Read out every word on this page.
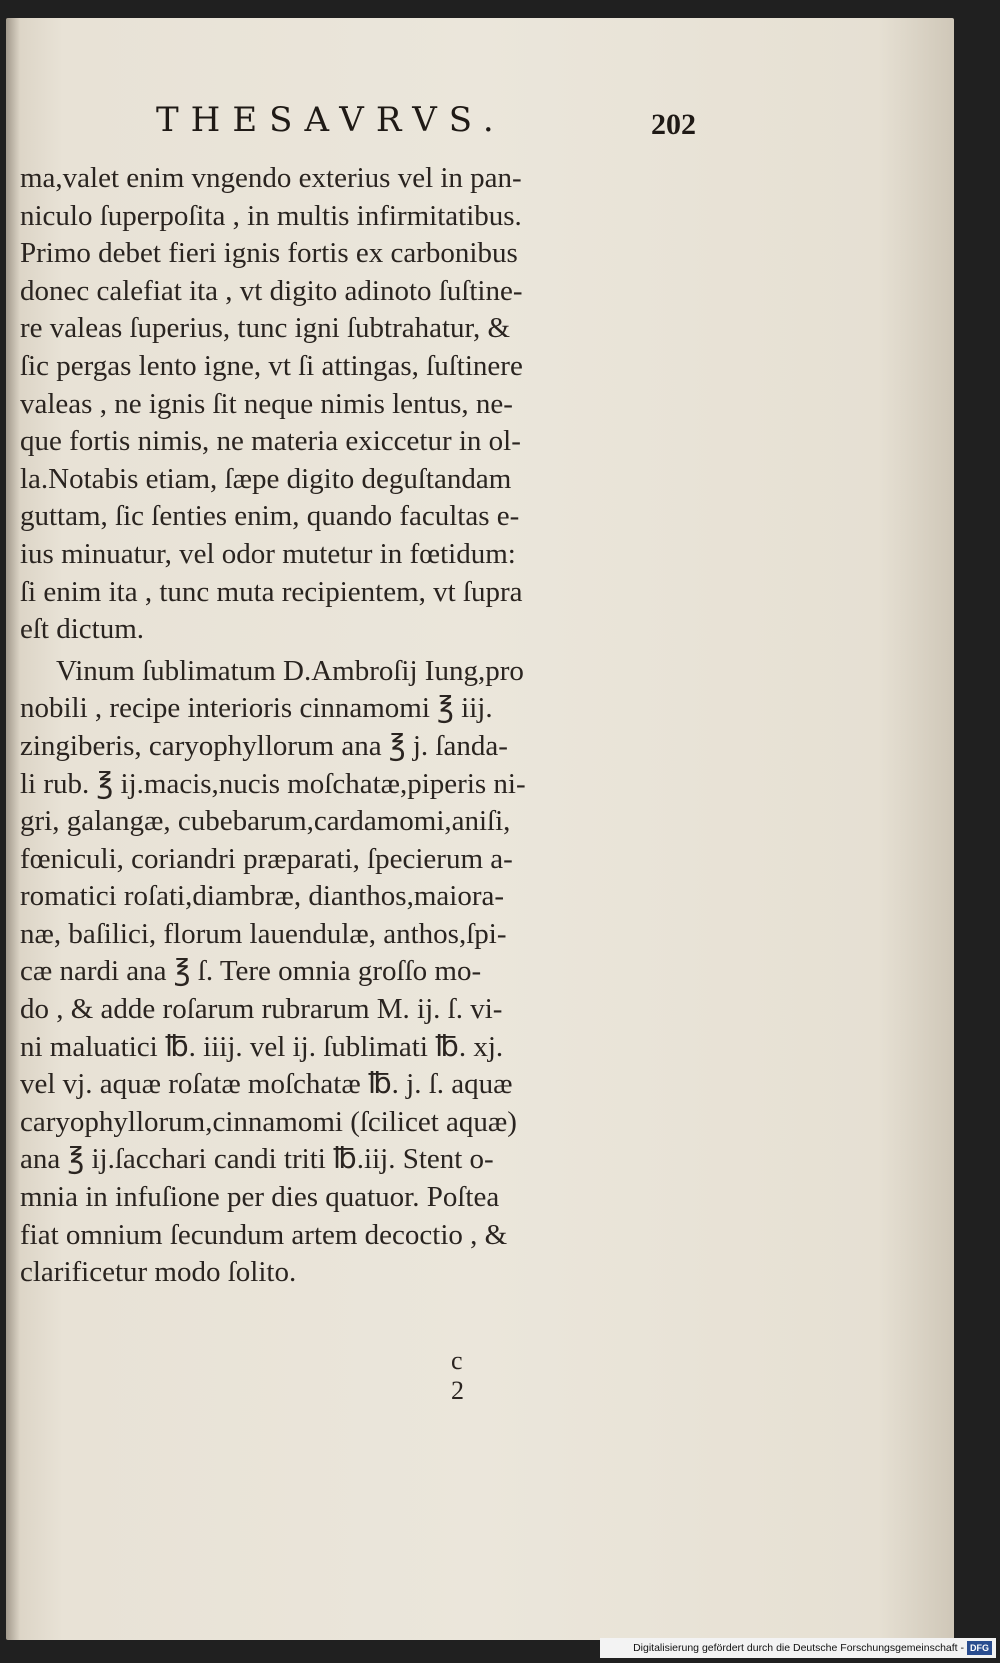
THESAVRVS.	202
ma,valet enim vngendo exterius vel in pan-
niculo ſuperpoſita , in multis infirmitatibus.
Primo debet fieri ignis fortis ex carbonibus
donec calefiat ita , vt digito adinoto ſuſtine-
re valeas ſuperius, tunc igni ſubtrahatur, &
ſic pergas lento igne, vt ſi attingas, ſuſtinere
valeas , ne ignis ſit neque nimis lentus, ne-
que fortis nimis, ne materia exiccetur in ol-
la.Notabis etiam, ſæpe digito deguſtandam
guttam, ſic ſenties enim, quando facultas e-
ius minuatur, vel odor mutetur in fœtidum:
ſi enim ita , tunc muta recipientem, vt ſupra
eſt dictum.
Vinum ſublimatum D.Ambroſij Iung,pro
nobili , recipe interioris cinnamomi ℥ iij.
zingiberis, caryophyllorum ana ℥ j. ſanda-
li rub. ℥ ij.macis,nucis moſchatæ,piperis ni-
gri, galangæ, cubebarum,cardamomi,aniſi,
fœniculi, coriandri præparati, ſpecierum a-
romatici roſati,diambræ, dianthos,maiora-
næ, baſilici, florum lauendulæ, anthos,ſpi-
cæ nardi ana ℥ ſ. Tere omnia groſſo mo-
do , & adde roſarum rubrarum M. ij. ſ. vi-
ni maluatici ℔. iiij. vel ij. ſublimati ℔. xj.
vel vj. aquæ roſatæ moſchatæ ℔. j. ſ. aquæ
caryophyllorum,cinnamomi (ſcilicet aquæ)
ana ℥ ij.ſacchari candi triti ℔.iij. Stent o-
mnia in infuſione per dies quatuor. Poſtea
fiat omnium ſecundum artem decoctio , &
clarificetur modo ſolito.
c 2
Digitalisierung gefördert durch die Deutsche Forschungsgemeinschaft - DFG
